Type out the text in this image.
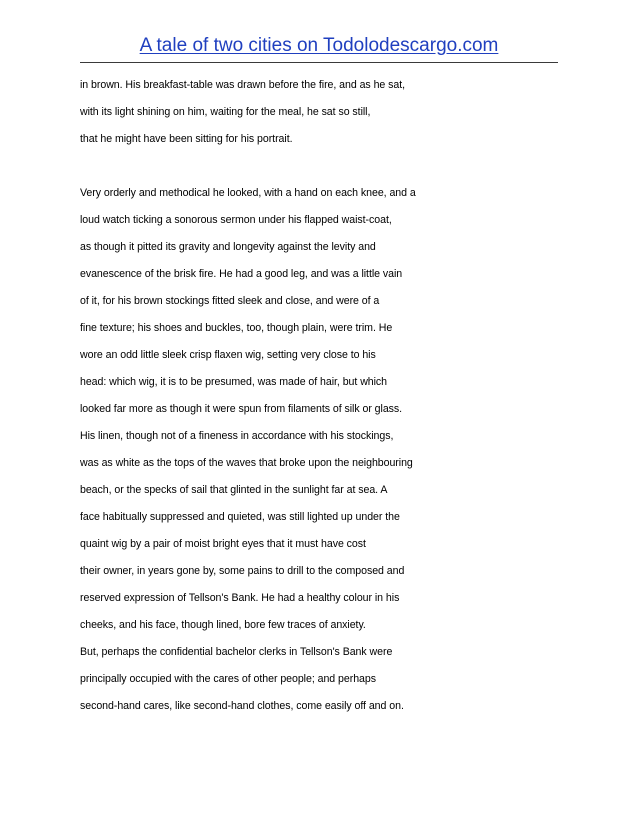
A tale of two cities on Todolodescargo.com
in brown. His breakfast-table was drawn before the fire, and as he sat,
with its light shining on him, waiting for the meal, he sat so still,
that he might have been sitting for his portrait.
Very orderly and methodical he looked, with a hand on each knee, and a
loud watch ticking a sonorous sermon under his flapped waist-coat,
as though it pitted its gravity and longevity against the levity and
evanescence of the brisk fire. He had a good leg, and was a little vain
of it, for his brown stockings fitted sleek and close, and were of a
fine texture; his shoes and buckles, too, though plain, were trim. He
wore an odd little sleek crisp flaxen wig, setting very close to his
head: which wig, it is to be presumed, was made of hair, but which
looked far more as though it were spun from filaments of silk or glass.
His linen, though not of a fineness in accordance with his stockings,
was as white as the tops of the waves that broke upon the neighbouring
beach, or the specks of sail that glinted in the sunlight far at sea. A
face habitually suppressed and quieted, was still lighted up under the
quaint wig by a pair of moist bright eyes that it must have cost
their owner, in years gone by, some pains to drill to the composed and
reserved expression of Tellson's Bank. He had a healthy colour in his
cheeks, and his face, though lined, bore few traces of anxiety.
But, perhaps the confidential bachelor clerks in Tellson's Bank were
principally occupied with the cares of other people; and perhaps
second-hand cares, like second-hand clothes, come easily off and on.
